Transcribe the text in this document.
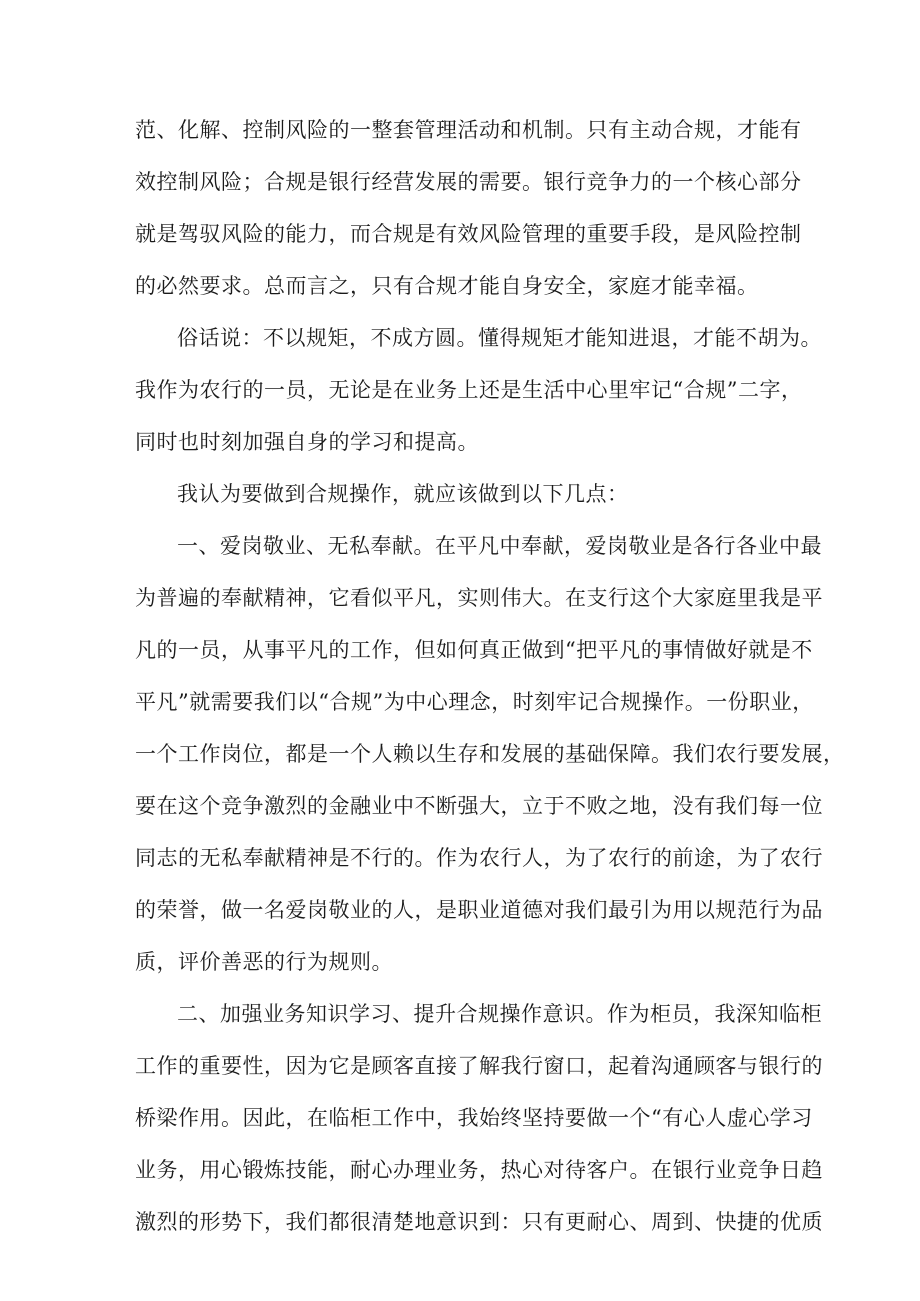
范、化解、控制风险的一整套管理活动和机制。只有主动合规，才能有
效控制风险；合规是银行经营发展的需要。银行竞争力的一个核心部分
就是驾驭风险的能力，而合规是有效风险管理的重要手段，是风险控制
的必然要求。总而言之，只有合规才能自身安全，家庭才能幸福。
俗话说：不以规矩，不成方圆。懂得规矩才能知进退，才能不胡为。
我作为农行的一员，无论是在业务上还是生活中心里牢记“合规”二字，
同时也时刻加强自身的学习和提高。
我认为要做到合规操作，就应该做到以下几点：
一、爱岗敬业、无私奉献。在平凡中奉献，爱岗敬业是各行各业中最
为普遍的奉献精神，它看似平凡，实则伟大。在支行这个大家庭里我是平
凡的一员，从事平凡的工作，但如何真正做到“把平凡的事情做好就是不
平凡”就需要我们以“合规”为中心理念，时刻牢记合规操作。一份职业，
一个工作岗位，都是一个人赖以生存和发展的基础保障。我们农行要发展，
要在这个竞争激烈的金融业中不断强大，立于不败之地，没有我们每一位
同志的无私奉献精神是不行的。作为农行人，为了农行的前途，为了农行
的荣誉，做一名爱岗敬业的人，是职业道德对我们最引为用以规范行为品
质，评价善恶的行为规则。
二、加强业务知识学习、提升合规操作意识。作为柜员，我深知临柜
工作的重要性，因为它是顾客直接了解我行窗口，起着沟通顾客与银行的
桥梁作用。因此，在临柜工作中，我始终坚持要做一个“有心人虚心学习
业务，用心锻炼技能，耐心办理业务，热心对待客户。在银行业竞争日趋
激烈的形势下，我们都很清楚地意识到：只有更耐心、周到、快捷的优质
